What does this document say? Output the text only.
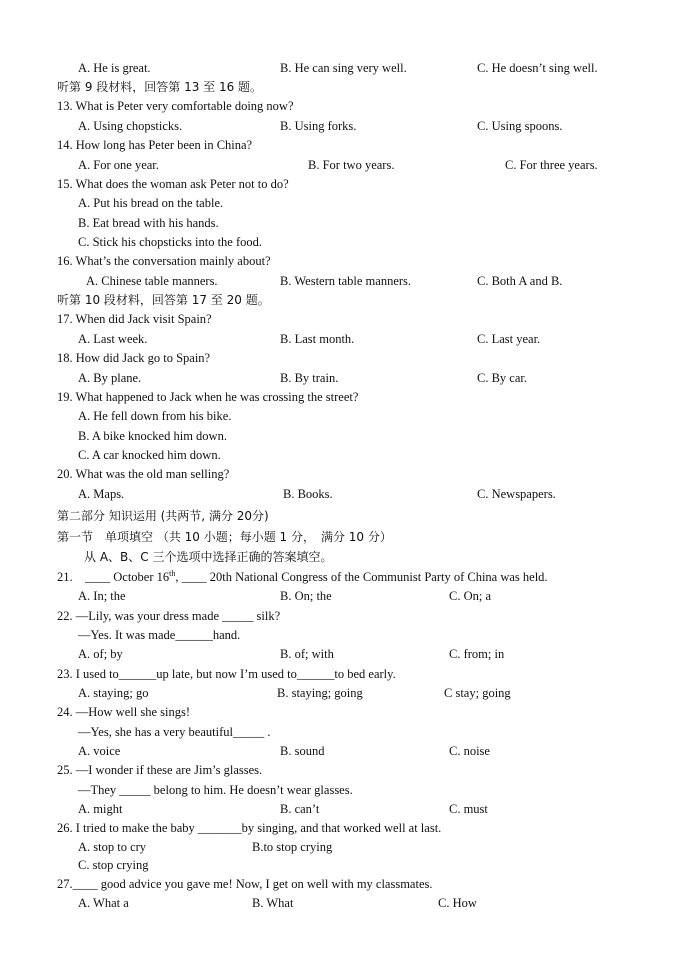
A. He is great.	B. He can sing very well.	C. He doesn’t sing well.
听第 9 段材料，回答第 13 至 16 题。
13. What is Peter very comfortable doing now?
A. Using chopsticks.	B. Using forks.	C. Using spoons.
14. How long has Peter been in China?
A. For one year.	B. For two years.	C. For three years.
15. What does the woman ask Peter not to do?
A. Put his bread on the table.
B. Eat bread with his hands.
C. Stick his chopsticks into the food.
16. What’s the conversation mainly about?
A. Chinese table manners.	B. Western table manners.	C. Both A and B.
听第 10 段材料，回答第 17 至 20 题。
17. When did Jack visit Spain?
A. Last week.	B. Last month.	C. Last year.
18. How did Jack go to Spain?
A. By plane.	B. By train.	C. By car.
19. What happened to Jack when he was crossing the street?
A. He fell down from his bike.
B. A bike knocked him down.
C. A car knocked him down.
20. What was the old man selling?
A. Maps.	B. Books.	C. Newspapers.
第二部分 知识运用 (共两节, 满分 20分)
第一节　单项填空 （共 10 小题；每小题 1 分，　满分 10 分）
从 A、B、C 三个选项中选择正确的答案填空。
21.　____ October 16th, ____ 20th National Congress of the Communist Party of China was held.
A. In; the	B. On; the	C. On; a
22. —Lily, was your dress made _____ silk?
—Yes. It was made______hand.
A. of; by	B. of; with	C. from; in
23. I used to______up late, but now I’m used to______to bed early.
A. staying; go	B. staying; going	C stay; going
24. —How well she sings!
—Yes, she has a very beautiful_____ .
A. voice	B. sound	C. noise
25. —I wonder if these are Jim’s glasses.
—They _____ belong to him. He doesn’t wear glasses.
A. might	B. can’t	C. must
26. I tried to make the baby _______by singing, and that worked well at last.
A. stop to cry	B.to stop crying
C. stop crying
27.____ good advice you gave me! Now, I get on well with my classmates.
A. What a	B. What	C. How
